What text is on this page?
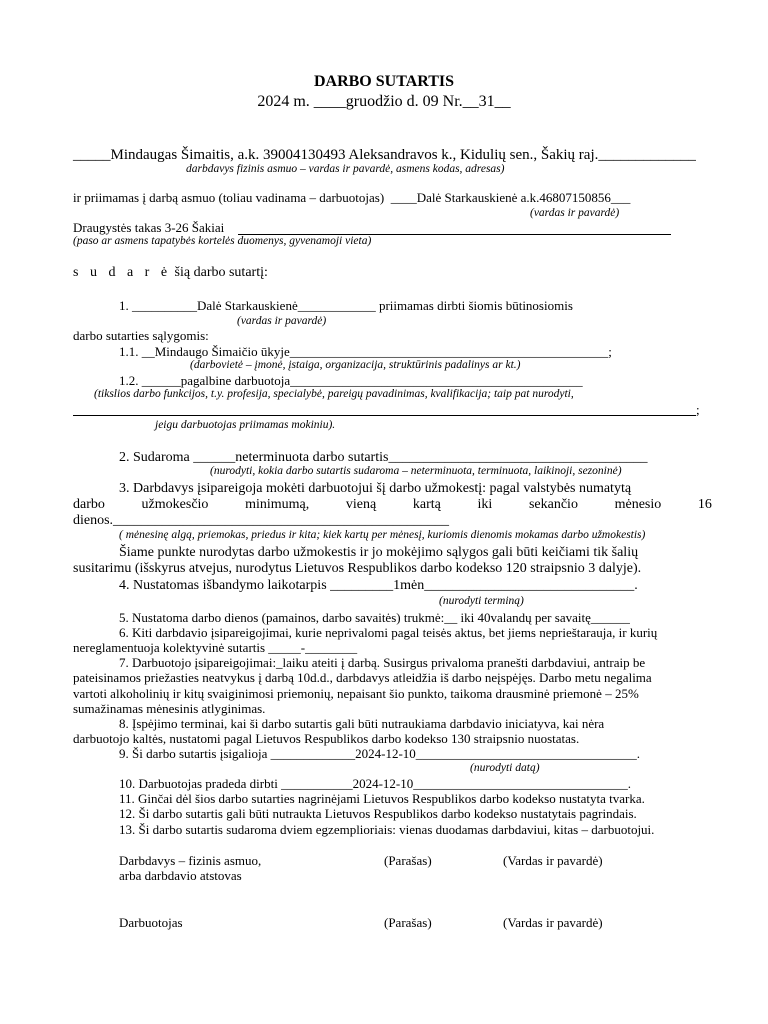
DARBO SUTARTIS
2024 m. ____gruodžio d. 09 Nr.__31__
_____Mindaugas Šimaitis, a.k. 39004130493 Aleksandravos k., Kidulių sen., Šakių raj._____________
darbdavys fizinis asmuo – vardas ir pavardė, asmens kodas, adresas)
ir priimamas į darbą asmuo (toliau vadinama – darbuotojas)  ____Dalė Starkauskienė a.k.46807150856___
(vardas ir pavardė)
Draugystės takas 3-26 Šakiai
(paso ar asmens tapatybės kortelės duomenys, gyvenamoji vieta)
s u d a r ė šią darbo sutartį:
1. __________Dalė Starkauskienė____________ priimamas dirbti šiomis būtinosiomis
(vardas ir pavardė)
darbo sutarties sąlygomis:
1.1. __Mindaugo Šimaičio ūkyje_________________________________________________;
(darbovietė – įmonė, įstaiga, organizacija, struktūrinis padalinys ar kt.)
1.2. ______pagalbine darbuotoja_____________________________________________
(tikslios darbo funkcijos, t.y. profesija, specialybė, pareigų pavadinimas, kvalifikacija; taip pat nurodyti,
;
jeigu darbuotojas priimamas mokiniu).
2. Sudaroma ______neterminuota darbo sutartis_____________________________________
(nurodyti, kokia darbo sutartis sudaroma – neterminuota, terminuota, laikinoji, sezoninė)
3. Darbdavys įsipareigoja mokėti darbuotojui šį darbo užmokestį: pagal valstybės numatytą
darbo	užmokesčio	minimumą,	vieną	kartą	iki	sekančio	mėnesio	16
dienos.________________________________________________
( mėnesinę algą, priemokas, priedus ir kita; kiek kartų per mėnesį, kuriomis dienomis mokamas darbo užmokestis)
Šiame punkte nurodytas darbo užmokestis ir jo mokėjimo sąlygos gali būti keičiami tik šalių
susitarimu (išskyrus atvejus, nurodytus Lietuvos Respublikos darbo kodekso 120 straipsnio 3 dalyje).
4. Nustatomas išbandymo laikotarpis _________1mėn______________________________.
(nurodyti terminą)
5. Nustatoma darbo dienos (pamainos, darbo savaitės) trukmė:__ iki 40valandų per savaitę______
6. Kiti darbdavio įsipareigojimai, kurie neprivalomi pagal teisės aktus, bet jiems neprieštarauja, ir kurių
nereglamentuoja kolektyvinė sutartis _____-________
7. Darbuotojo įsipareigojimai:_laiku ateiti į darbą. Susirgus privaloma pranešti darbdaviui, antraip be
pateisinamos priežasties neatvykus į darbą 10d.d., darbdavys atleidžia iš darbo neįspėjęs. Darbo metu negalima
vartoti alkoholinių ir kitų svaiginimosi priemonių, nepaisant šio punkto, taikoma drausminė priemonė – 25%
sumažinamas mėnesinis atlyginimas.
8. Įspėjimo terminai, kai ši darbo sutartis gali būti nutraukiama darbdavio iniciatyva, kai nėra
darbuotojo kaltės, nustatomi pagal Lietuvos Respublikos darbo kodekso 130 straipsnio nuostatas.
9. Ši darbo sutartis įsigalioja _____________2024-12-10__________________________________.
(nurodyti datą)
10. Darbuotojas pradeda dirbti ___________2024-12-10_________________________________.
11. Ginčai dėl šios darbo sutarties nagrinėjami Lietuvos Respublikos darbo kodekso nustatyta tvarka.
12. Ši darbo sutartis gali būti nutraukta Lietuvos Respublikos darbo kodekso nustatytais pagrindais.
13. Ši darbo sutartis sudaroma dviem egzemplioriais: vienas duodamas darbdaviui, kitas – darbuotojui.
Darbdavys – fizinis asmuo,
arba darbdavio atstovas
(Parašas)	(Vardas ir pavardė)
Darbuotojas	(Parašas)	(Vardas ir pavardė)
